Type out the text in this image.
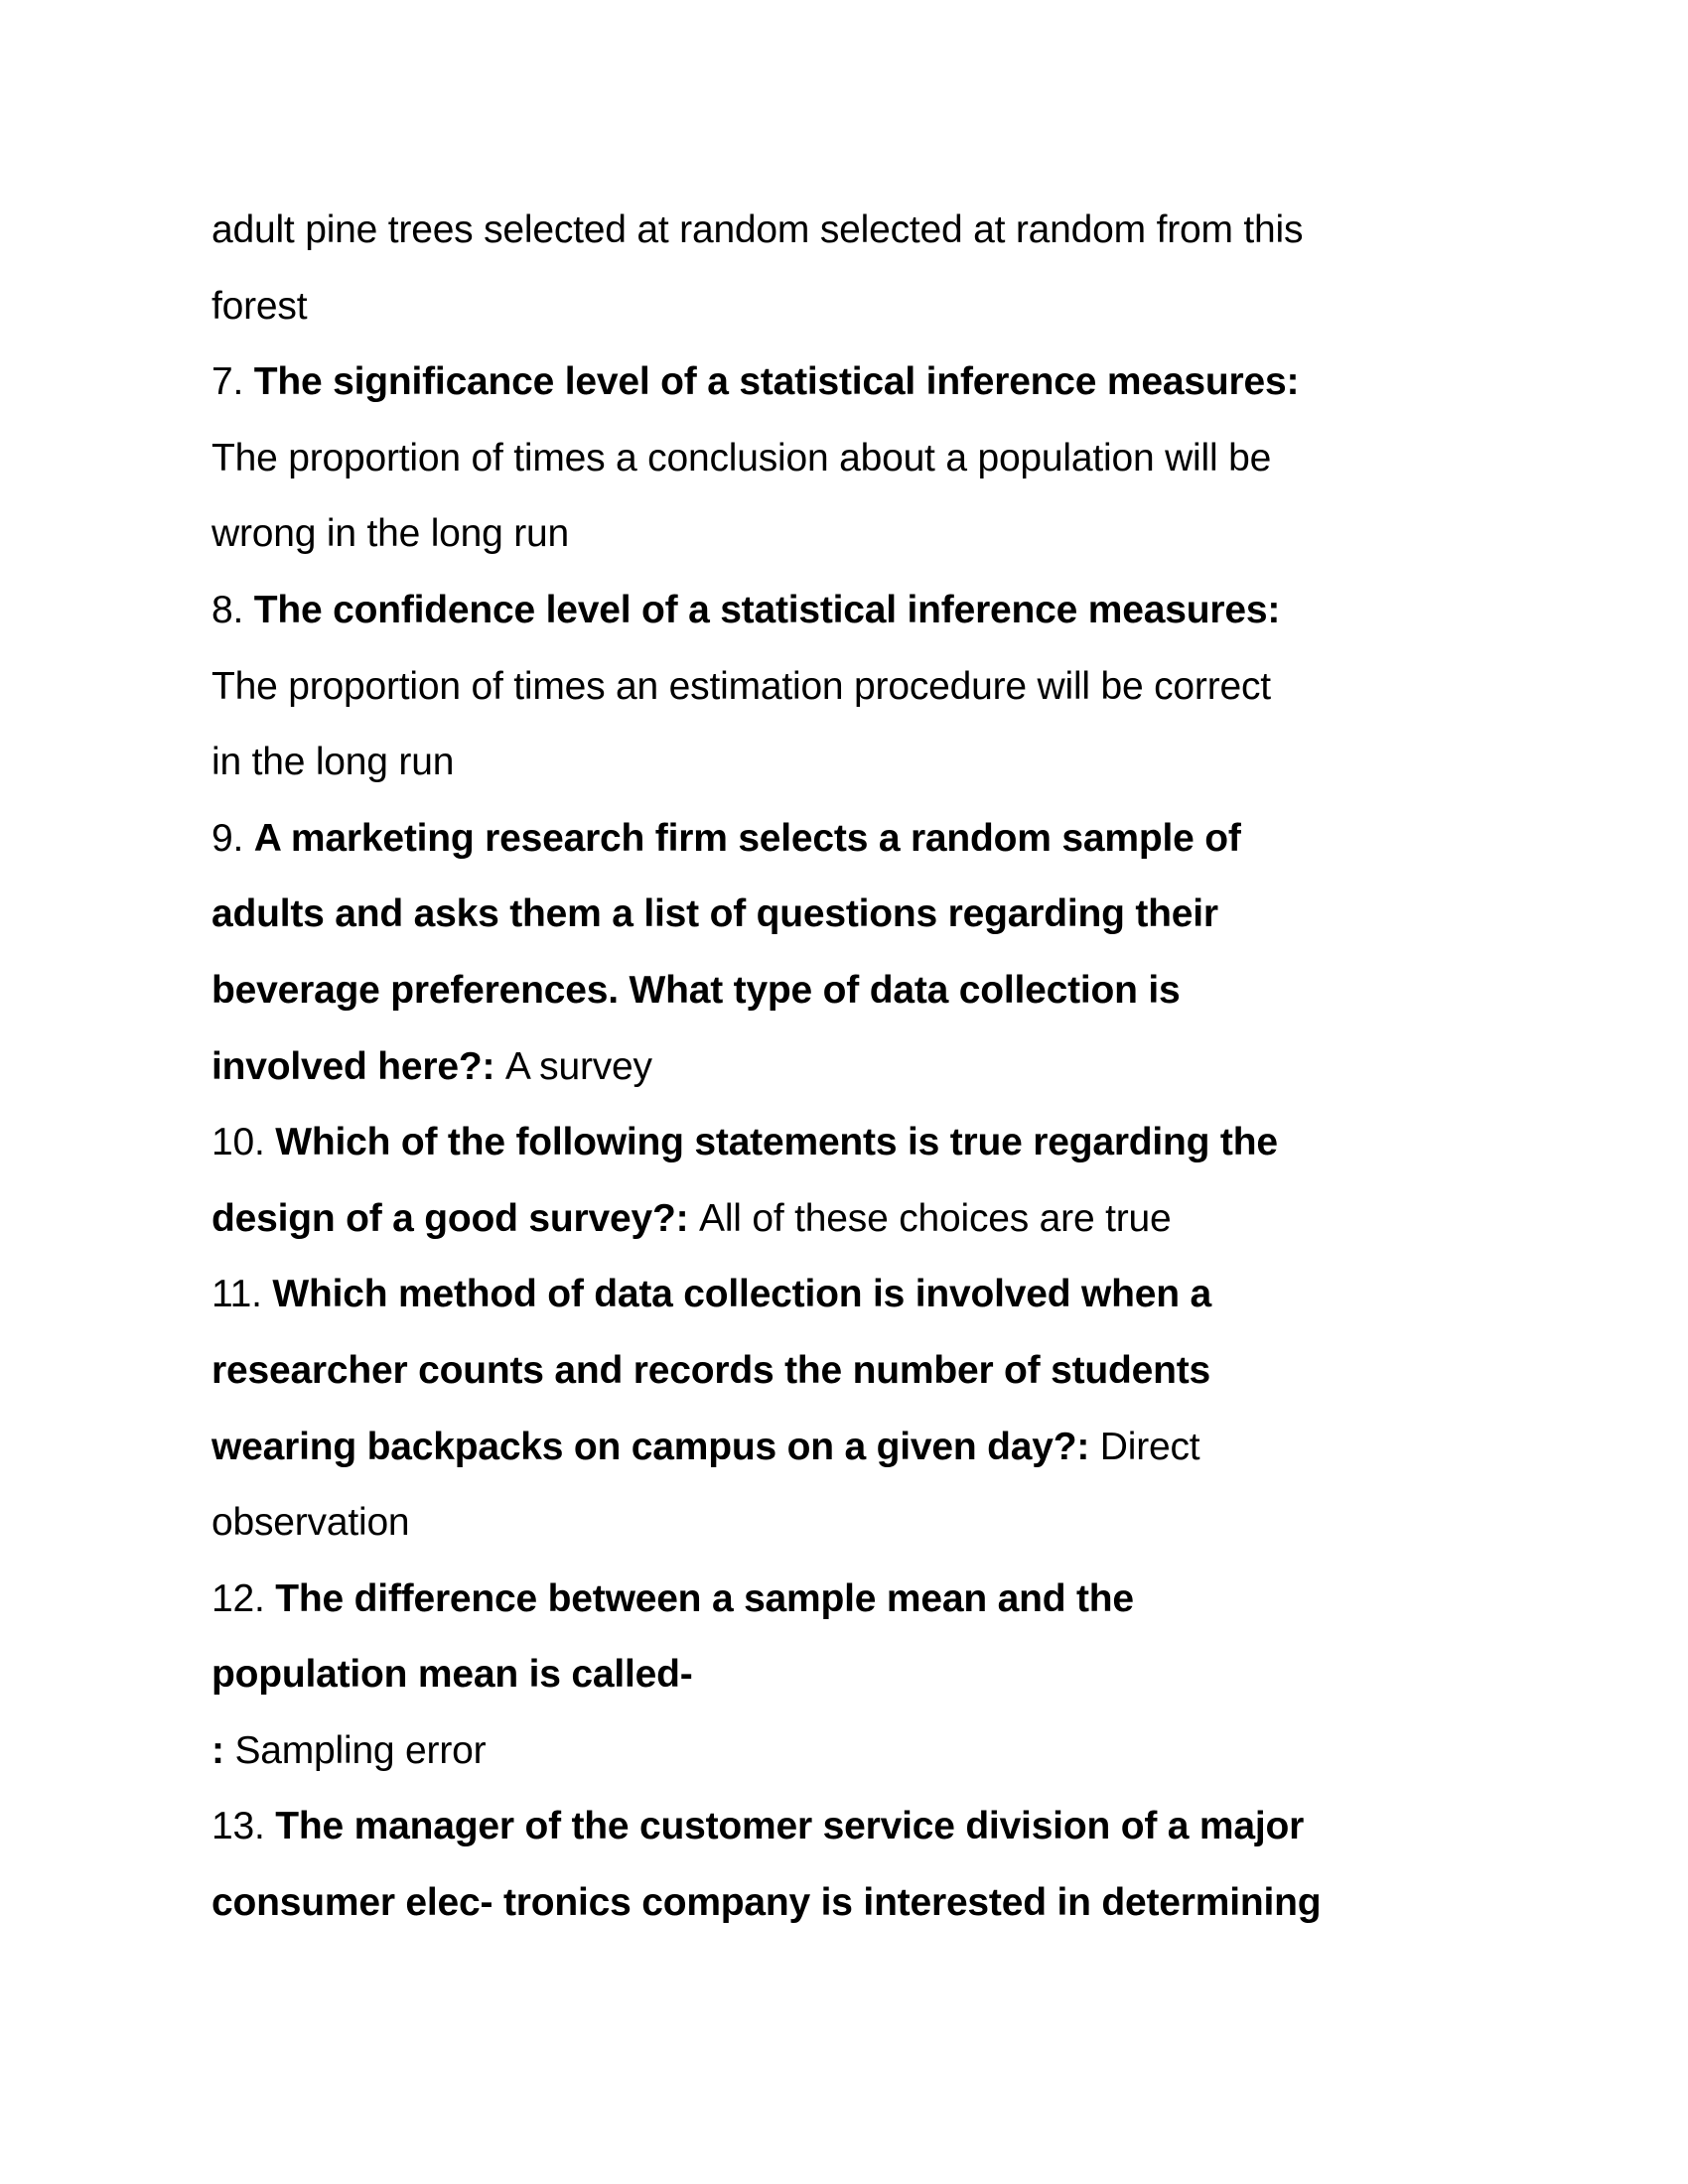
adult pine trees selected at random selected at random from this
forest
7. The significance level of a statistical inference measures:
The proportion of times a conclusion about a population will be
wrong in the long run
8. The confidence level of a statistical inference measures:
The proportion of times an estimation procedure will be correct
in the long run
9. A marketing research firm selects a random sample of
adults and asks them a list of questions regarding their
beverage preferences. What type of data collection is
involved here?: A survey
10. Which of the following statements is true regarding the
design of a good survey?: All of these choices are true
11. Which method of data collection is involved when a
researcher counts and records the number of students
wearing backpacks on campus on a given day?: Direct
observation
12. The difference between a sample mean and the
population mean is called-
: Sampling error
13. The manager of the customer service division of a major
consumer elec- tronics company is interested in determining
